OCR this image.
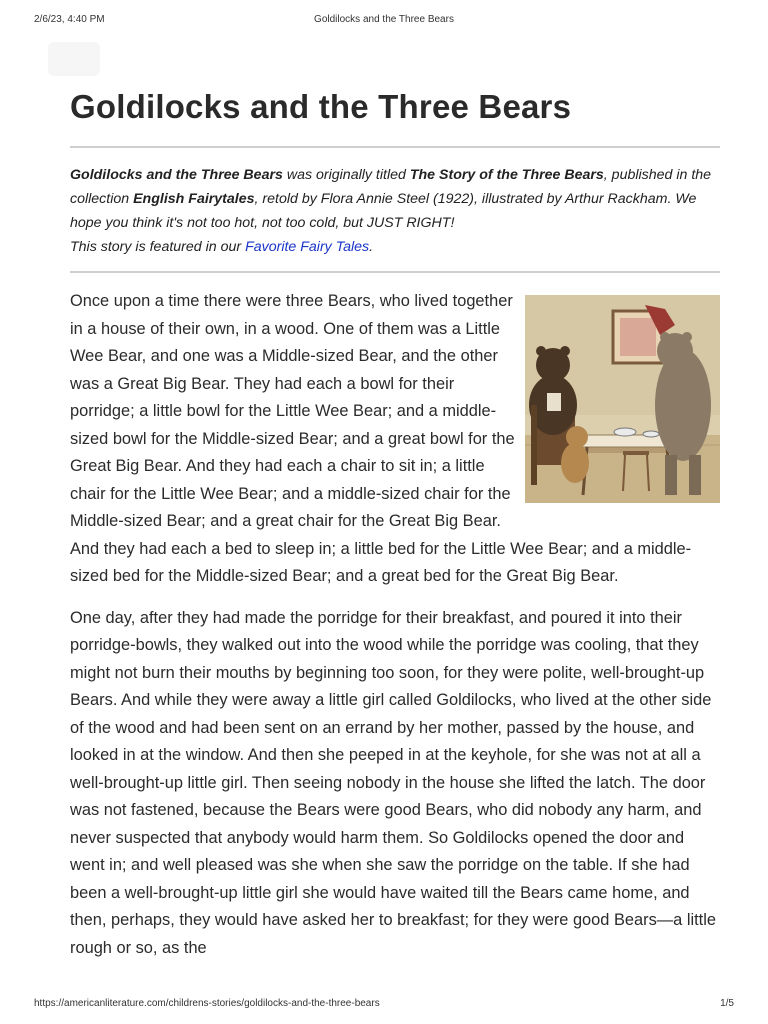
2/6/23, 4:40 PM	Goldilocks and the Three Bears
Goldilocks and the Three Bears
Goldilocks and the Three Bears was originally titled The Story of the Three Bears, published in the collection English Fairytales, retold by Flora Annie Steel (1922), illustrated by Arthur Rackham. We hope you think it's not too hot, not too cold, but JUST RIGHT!
This story is featured in our Favorite Fairy Tales.

Once upon a time there were three Bears, who lived together in a house of their own, in a wood. One of them was a Little Wee Bear, and one was a Middle-sized Bear, and the other was a Great Big Bear. They had each a bowl for their porridge; a little bowl for the Little Wee Bear; and a middle-sized bowl for the Middle-sized Bear; and a great bowl for the Great Big Bear. And they had each a chair to sit in; a little chair for the Little Wee Bear; and a middle-sized chair for the Middle-sized Bear; and a great chair for the Great Big Bear. And they had each a bed to sleep in; a little bed for the Little Wee Bear; and a middle-sized bed for the Middle-sized Bear; and a great bed for the Great Big Bear.

One day, after they had made the porridge for their breakfast, and poured it into their porridge-bowls, they walked out into the wood while the porridge was cooling, that they might not burn their mouths by beginning too soon, for they were polite, well-brought-up Bears. And while they were away a little girl called Goldilocks, who lived at the other side of the wood and had been sent on an errand by her mother, passed by the house, and looked in at the window. And then she peeped in at the keyhole, for she was not at all a well-brought-up little girl. Then seeing nobody in the house she lifted the latch. The door was not fastened, because the Bears were good Bears, who did nobody any harm, and never suspected that anybody would harm them. So Goldilocks opened the door and went in; and well pleased was she when she saw the porridge on the table. If she had been a well-brought-up little girl she would have waited till the Bears came home, and then, perhaps, they would have asked her to breakfast; for they were good Bears—a little rough or so, as the

https://americanliterature.com/childrens-stories/goldilocks-and-the-three-bears	1/5
